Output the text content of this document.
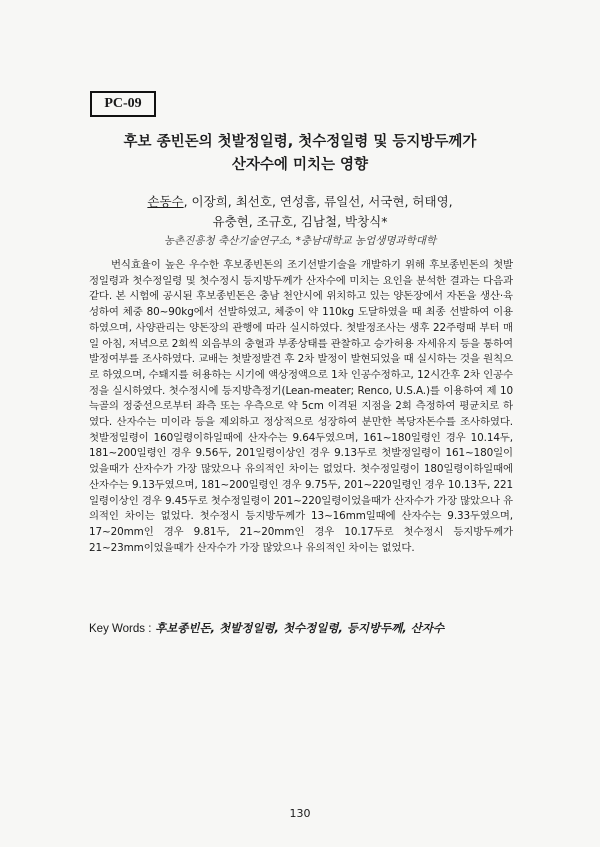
PC-09
후보 종빈돈의 첫발정일령, 첫수정일령 및 등지방두께가
산자수에 미치는 영향
손동수, 이장희, 최선호, 연성흠, 류일선, 서국현, 허태영,
유충현, 조규호, 김남철, 박창식*
농촌진흥청 축산기술연구소, *충남대학교 농업생명과학대학

번식효율이 높은 우수한 후보종빈돈의 조기선발기술을 개발하기 위해 후보종빈돈의 첫발정일령과 첫수정일령 및 첫수정시 등지방두께가 산자수에 미치는 요인을 분석한 결과는 다음과 같다. 본 시험에 공시된 후보종빈돈은 충남 천안시에 위치하고 있는 양돈장에서 자돈을 생산·육성하여 체중 80~90kg에서 선발하였고, 체중이 약 110kg 도달하였을 때 최종 선발하여 이용하였으며, 사양관리는 양돈장의 관행에 따라 실시하였다. 첫발정조사는 생후 22주령때 부터 매일 아침, 저녁으로 2회씩 외음부의 충혈과 부종상태를 관찰하고 승가허용 자세유지 등을 통하여 발정여부를 조사하였다. 교배는 첫발정발견 후 2차 발정이 발현되었을 때 실시하는 것을 원칙으로 하였으며, 수퇘지를 허용하는 시기에 액상정액으로 1차 인공수정하고, 12시간후 2차 인공수정을 실시하였다. 첫수정시에 등지방측정기(Lean-meater; Renco, U.S.A.)를 이용하여 제 10늑골의 정중선으로부터 좌측 또는 우측으로 약 5cm 이격된 지점을 2회 측정하여 평균치로 하였다. 산자수는 미이라 등을 제외하고 정상적으로 성장하여 분만한 복당자돈수를 조사하였다. 첫발정일령이 160일령이하일때에 산자수는 9.64두였으며, 161~180일령인 경우 10.14두, 181~200일령인 경우 9.56두, 201일령이상인 경우 9.13두로 첫발정일령이 161~180일이었을때가 산자수가 가장 많았으나 유의적인 차이는 없었다. 첫수정일령이 180일령이하일때에 산자수는 9.13두였으며, 181~200일령인 경우 9.75두, 201~220일령인 경우 10.13두, 221일령이상인 경우 9.45두로 첫수정일령이 201~220일령이었을때가 산자수가 가장 많았으나 유의적인 차이는 없었다. 첫수정시 등지방두께가 13~16mm일때에 산자수는 9.33두였으며, 17~20mm인 경우 9.81두, 21~20mm인 경우 10.17두로 첫수정시 등지방두께가 21~23mm이었을때가 산자수가 가장 많았으나 유의적인 차이는 없었다.

Key Words : 후보종빈돈, 첫발정일령, 첫수정일령, 등지방두께, 산자수
130
